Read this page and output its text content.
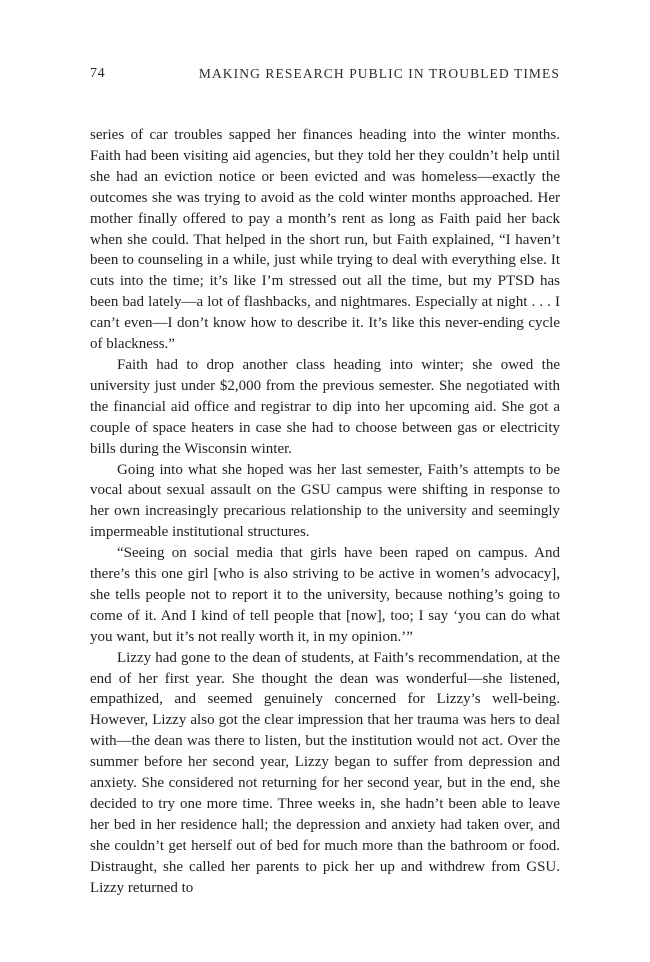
74	MAKING RESEARCH PUBLIC IN TROUBLED TIMES

series of car troubles sapped her finances heading into the winter months. Faith had been visiting aid agencies, but they told her they couldn’t help until she had an eviction notice or been evicted and was homeless—exactly the outcomes she was trying to avoid as the cold winter months approached. Her mother finally offered to pay a month’s rent as long as Faith paid her back when she could. That helped in the short run, but Faith explained, “I haven’t been to counseling in a while, just while trying to deal with everything else. It cuts into the time; it’s like I’m stressed out all the time, but my PTSD has been bad lately—a lot of flashbacks, and nightmares. Especially at night . . . I can’t even—I don’t know how to describe it. It’s like this never-ending cycle of blackness.”

Faith had to drop another class heading into winter; she owed the university just under $2,000 from the previous semester. She negotiated with the financial aid office and registrar to dip into her upcoming aid. She got a couple of space heaters in case she had to choose between gas or electricity bills during the Wisconsin winter.

Going into what she hoped was her last semester, Faith’s attempts to be vocal about sexual assault on the GSU campus were shifting in response to her own increasingly precarious relationship to the university and seemingly impermeable institutional structures.

“Seeing on social media that girls have been raped on campus. And there’s this one girl [who is also striving to be active in women’s advocacy], she tells people not to report it to the university, because nothing’s going to come of it. And I kind of tell people that [now], too; I say ‘you can do what you want, but it’s not really worth it, in my opinion.’”

Lizzy had gone to the dean of students, at Faith’s recommendation, at the end of her first year. She thought the dean was wonderful—she listened, empathized, and seemed genuinely concerned for Lizzy’s well-being. However, Lizzy also got the clear impression that her trauma was hers to deal with—the dean was there to listen, but the institution would not act. Over the summer before her second year, Lizzy began to suffer from depression and anxiety. She considered not returning for her second year, but in the end, she decided to try one more time. Three weeks in, she hadn’t been able to leave her bed in her residence hall; the depression and anxiety had taken over, and she couldn’t get herself out of bed for much more than the bathroom or food. Distraught, she called her parents to pick her up and withdrew from GSU. Lizzy returned to
